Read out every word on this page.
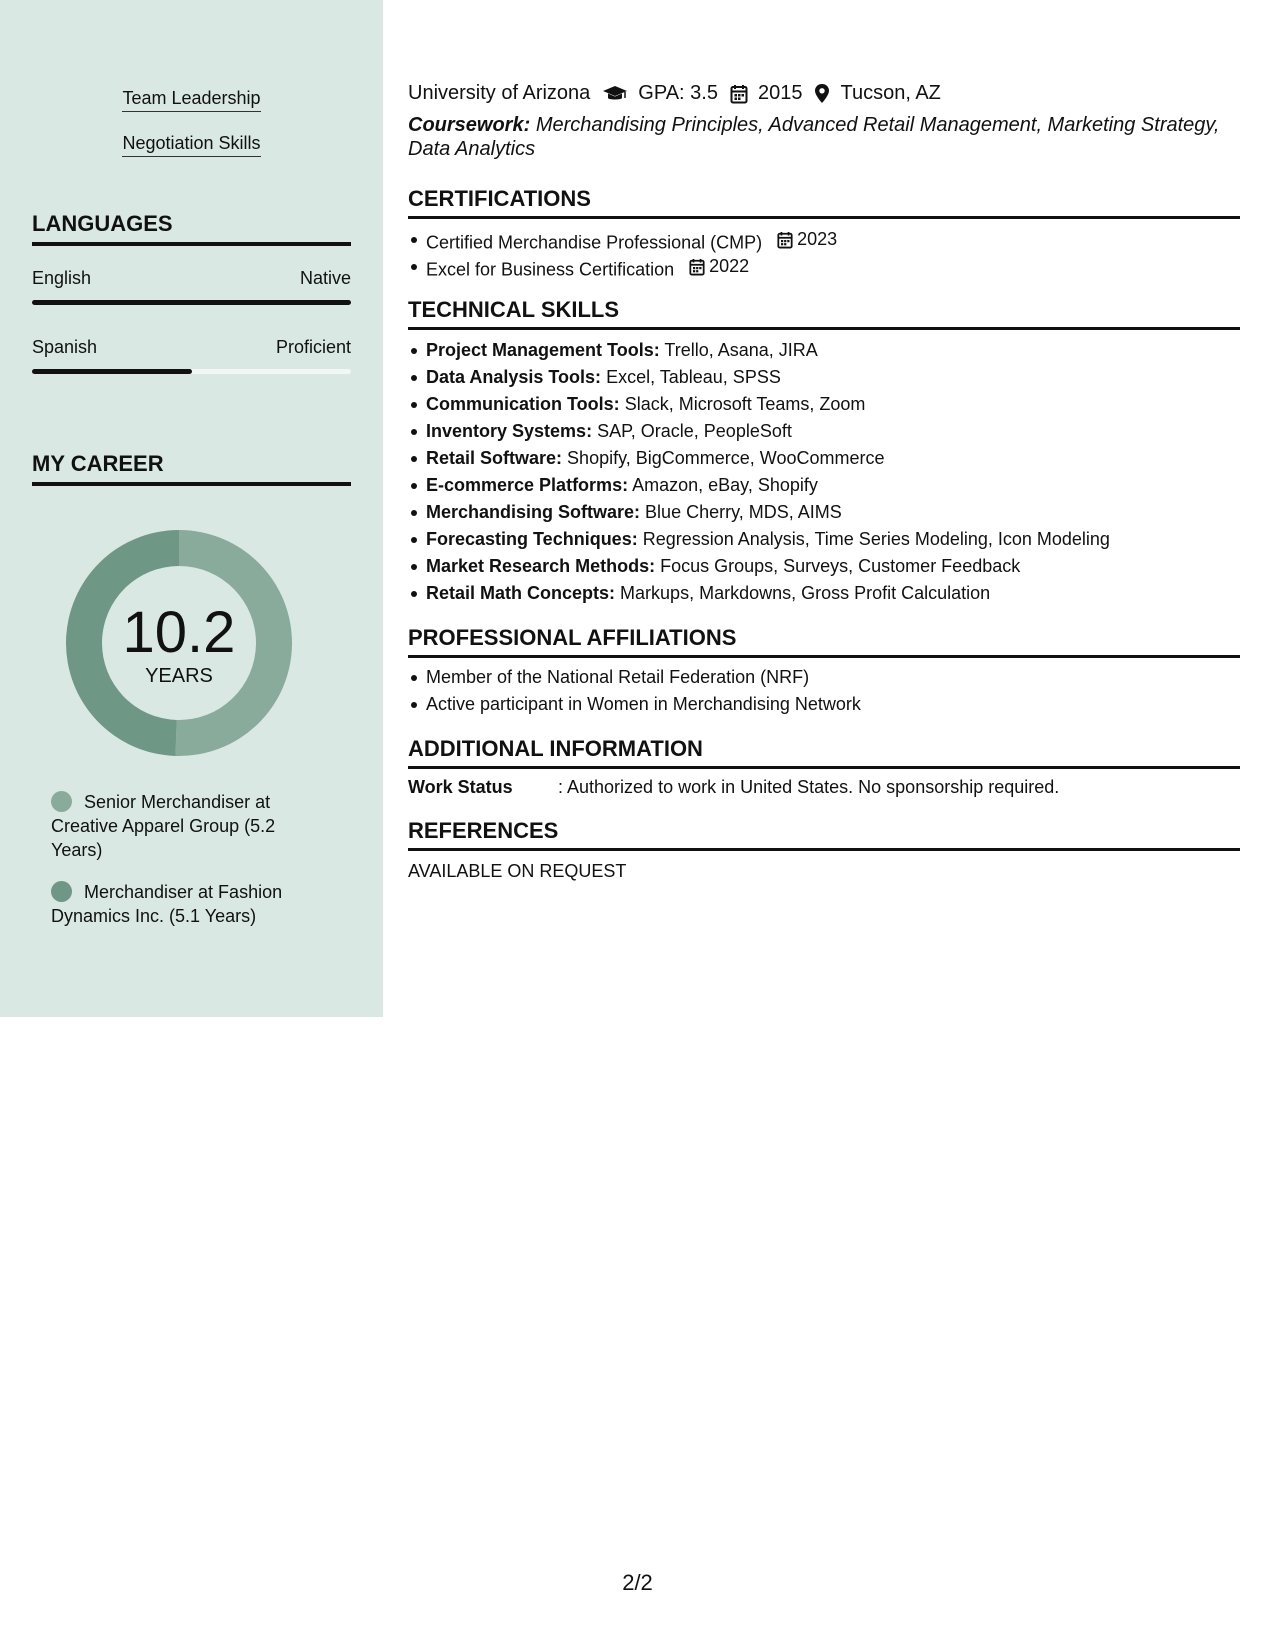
Team Leadership
Negotiation Skills
LANGUAGES
English	Native
Spanish	Proficient
MY CAREER
10.2
YEARS
Senior Merchandiser at Creative Apparel Group (5.2 Years)
Merchandiser at Fashion Dynamics Inc. (5.1 Years)
University of Arizona GPA: 3.5 2015 Tucson, AZ
Coursework: Merchandising Principles, Advanced Retail Management, Marketing Strategy, Data Analytics
CERTIFICATIONS
Certified Merchandise Professional (CMP) 2023
Excel for Business Certification 2022
TECHNICAL SKILLS
Project Management Tools: Trello, Asana, JIRA
Data Analysis Tools: Excel, Tableau, SPSS
Communication Tools: Slack, Microsoft Teams, Zoom
Inventory Systems: SAP, Oracle, PeopleSoft
Retail Software: Shopify, BigCommerce, WooCommerce
E-commerce Platforms: Amazon, eBay, Shopify
Merchandising Software: Blue Cherry, MDS, AIMS
Forecasting Techniques: Regression Analysis, Time Series Modeling, Icon Modeling
Market Research Methods: Focus Groups, Surveys, Customer Feedback
Retail Math Concepts: Markups, Markdowns, Gross Profit Calculation
PROFESSIONAL AFFILIATIONS
Member of the National Retail Federation (NRF)
Active participant in Women in Merchandising Network
ADDITIONAL INFORMATION
Work Status	: Authorized to work in United States. No sponsorship required.
REFERENCES
AVAILABLE ON REQUEST
2/2
